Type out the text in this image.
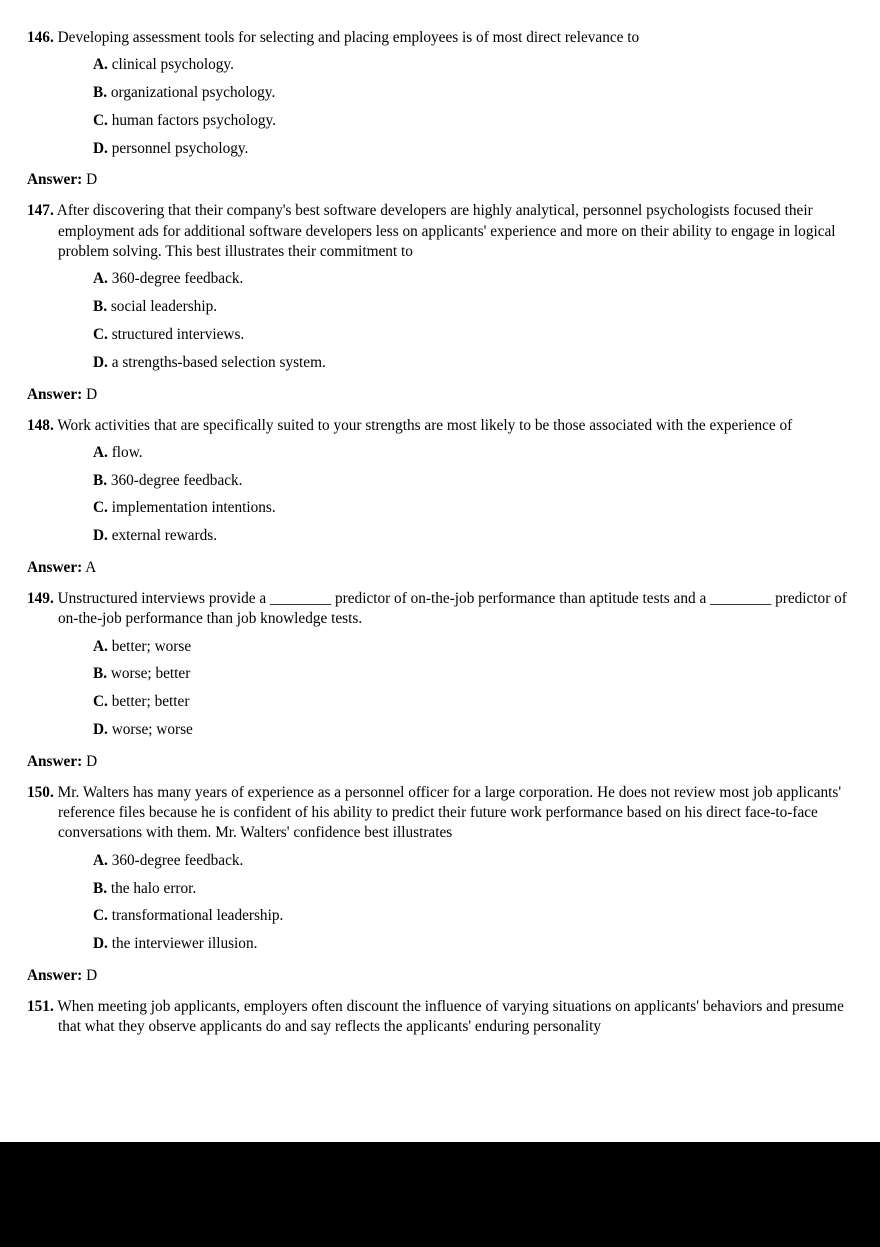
146. Developing assessment tools for selecting and placing employees is of most direct relevance to
A. clinical psychology.
B. organizational psychology.
C. human factors psychology.
D. personnel psychology.
Answer: D
147. After discovering that their company's best software developers are highly analytical, personnel psychologists focused their employment ads for additional software developers less on applicants' experience and more on their ability to engage in logical problem solving. This best illustrates their commitment to
A. 360-degree feedback.
B. social leadership.
C. structured interviews.
D. a strengths-based selection system.
Answer: D
148. Work activities that are specifically suited to your strengths are most likely to be those associated with the experience of
A. flow.
B. 360-degree feedback.
C. implementation intentions.
D. external rewards.
Answer: A
149. Unstructured interviews provide a ________ predictor of on-the-job performance than aptitude tests and a ________ predictor of on-the-job performance than job knowledge tests.
A. better; worse
B. worse; better
C. better; better
D. worse; worse
Answer: D
150. Mr. Walters has many years of experience as a personnel officer for a large corporation. He does not review most job applicants' reference files because he is confident of his ability to predict their future work performance based on his direct face-to-face conversations with them. Mr. Walters' confidence best illustrates
A. 360-degree feedback.
B. the halo error.
C. transformational leadership.
D. the interviewer illusion.
Answer: D
151. When meeting job applicants, employers often discount the influence of varying situations on applicants' behaviors and presume that what they observe applicants do and say reflects the applicants' enduring personality
